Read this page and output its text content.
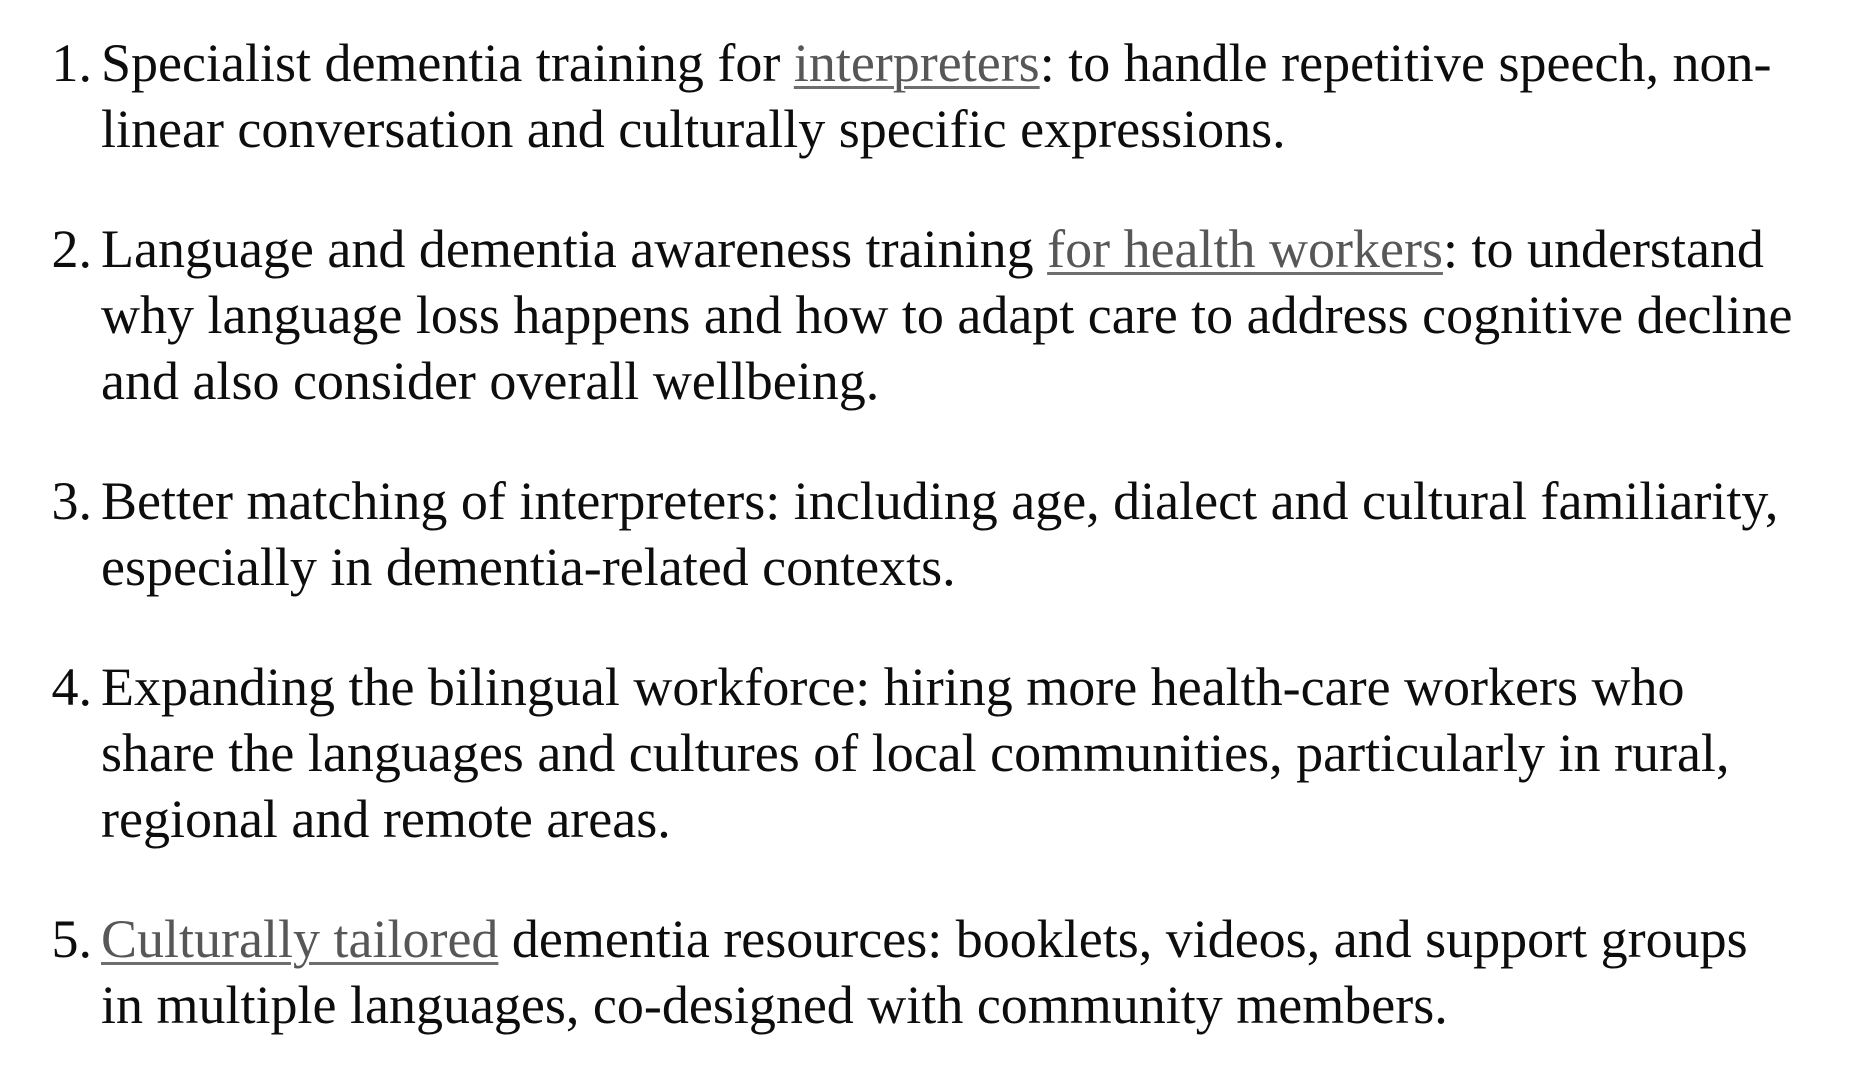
1. Specialist dementia training for interpreters: to handle repetitive speech, non-linear conversation and culturally specific expressions.
2. Language and dementia awareness training for health workers: to understand why language loss happens and how to adapt care to address cognitive decline and also consider overall wellbeing.
3. Better matching of interpreters: including age, dialect and cultural familiarity, especially in dementia-related contexts.
4. Expanding the bilingual workforce: hiring more health-care workers who share the languages and cultures of local communities, particularly in rural, regional and remote areas.
5. Culturally tailored dementia resources: booklets, videos, and support groups in multiple languages, co-designed with community members.
